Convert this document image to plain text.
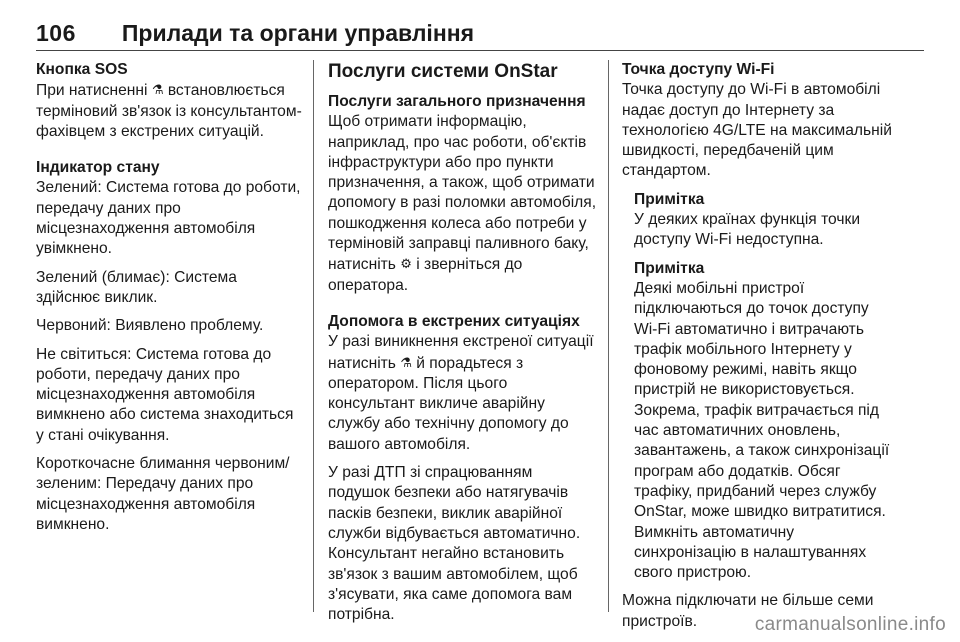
106 Прилади та органи управління
Кнопка SOS

При натисненні ⚗ встановлюється терміновий зв'язок із консультантом-фахівцем з екстрених ситуацій.

Індикатор стану

Зелений: Система готова до роботи, передачу даних про місцезнаходження автомобіля увімкнено.

Зелений (блимає): Система здійснює виклик.

Червоний: Виявлено проблему.

Не світиться: Система готова до роботи, передачу даних про місцезнаходження автомобіля вимкнено або система знаходиться у стані очікування.

Короткочасне блимання червоним/зеленим: Передачу даних про місцезнаходження автомобіля вимкнено.

Послуги системи OnStar
Послуги загального призначення

Щоб отримати інформацію, наприклад, про час роботи, об'єктів інфраструктури або про пункти призначення, а також, щоб отримати допомогу в разі поломки автомобіля, пошкодження колеса або потреби у терміновій заправці паливного баку, натисніть ⚙ і зверніться до оператора.

Допомога в екстрених ситуаціях

У разі виникнення екстреної ситуації натисніть ⚗ й порадьтеся з оператором. Після цього консультант викличе аварійну службу або технічну допомогу до вашого автомобіля.

У разі ДТП зі спрацюванням подушок безпеки або натягувачів пасків безпеки, виклик аварійної служби відбувається автоматично. Консультант негайно встановить зв'язок з вашим автомобілем, щоб з'ясувати, яка саме допомога вам потрібна.

Точка доступу Wi-Fi

Точка доступу до Wi-Fi в автомобілі надає доступ до Інтернету за технологією 4G/LTE на максимальній швидкості, передбаченій цим стандартом.

Примітка
У деяких країнах функція точки доступу Wi-Fi недоступна.
Примітка
Деякі мобільні пристрої підключаються до точок доступу Wi-Fi автоматично і витрачають трафік мобільного Інтернету у фоновому режимі, навіть якщо пристрій не використовується. Зокрема, трафік витрачається під час автоматичних оновлень, завантажень, а також синхронізації програм або додатків. Обсяг трафіку, придбаний через службу OnStar, може швидко витратитися. Вимкніть автоматичну синхронізацію в налаштуваннях свого пристрою.

Можна підключати не більше семи пристроїв.	carmanualsonline.info
